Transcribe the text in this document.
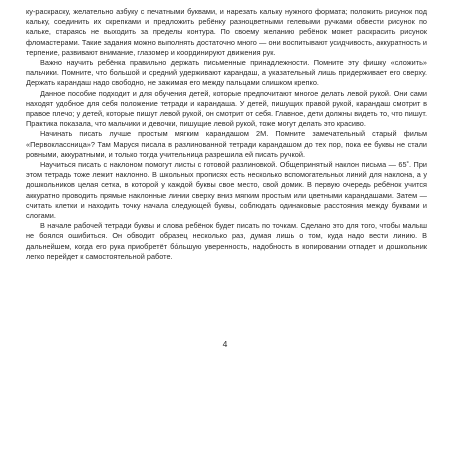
ку-раскраску, желательно азбуку с печатными буквами, и нарезать кальку нужного формата; положить рисунок под кальку, соединить их скрепками и предложить ребёнку разноцветными гелевыми ручками обвести рисунок по кальке, стараясь не выходить за пределы контура. По своему желанию ребёнок может раскрасить рисунок фломастерами. Такие задания можно выполнять достаточно много — они воспитывают усидчивость, аккуратность и терпение, развивают внимание, глазомер и координируют движения рук.

Важно научить ребёнка правильно держать письменные принадлежности. Помните эту фишку «сложить» пальчики. Помните, что большой и средний удерживают карандаш, а указательный лишь придерживает его сверху. Держать карандаш надо свободно, не зажимая его между пальцами слишком крепко.

Данное пособие подходит и для обучения детей, которые предпочитают многое делать левой рукой. Они сами находят удобное для себя положение тетради и карандаша. У детей, пишущих правой рукой, карандаш смотрит в правое плечо; у детей, которые пишут левой рукой, он смотрит от себя. Главное, дети должны видеть то, что пишут. Практика показала, что мальчики и девочки, пишущие левой рукой, тоже могут делать это красиво.

Начинать писать лучше простым мягким карандашом 2М. Помните замечательный старый фильм «Первоклассница»? Там Маруся писала в разлинованной тетради карандашом до тех пор, пока ее буквы не стали ровными, аккуратными, и только тогда учительница разрешила ей писать ручкой.

Научиться писать с наклоном помогут листы с готовой разлиновкой. Общепринятый наклон письма — 65˚. При этом тетрадь тоже лежит наклонно. В школьных прописях есть несколько вспомогательных линий для наклона, а у дошкольников целая сетка, в которой у каждой буквы свое место, свой домик. В первую очередь ребёнок учится аккуратно проводить прямые наклонные линии сверху вниз мягким простым или цветными карандашами. Затем — считать клетки и находить точку начала следующей буквы, соблюдать одинаковые расстояния между буквами и слогами.

В начале рабочей тетради буквы и слова ребёнок будет писать по точкам. Сделано это для того, чтобы малыш не боялся ошибиться. Он обводит образец несколько раз, думая лишь о том, куда надо вести линию. В дальнейшем, когда его рука приобретёт бо́льшую уверенность, надобность в копировании отпадет и дошкольник легко перейдет к самостоятельной работе.

4
